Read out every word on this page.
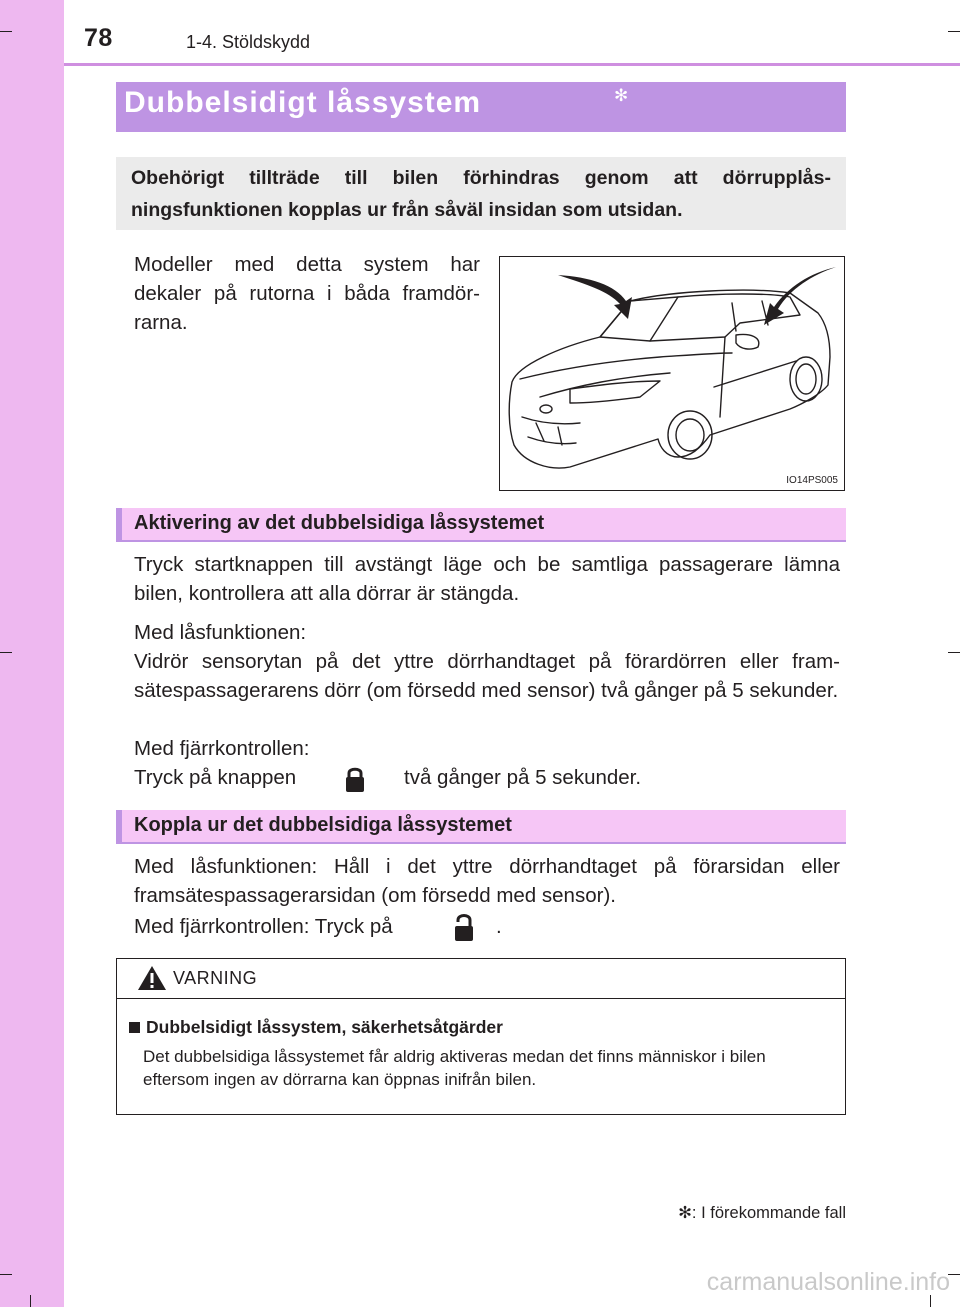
78	1-4. Stöldskydd
Dubbelsidigt låssystem	✻
Obehörigt tillträde till bilen förhindras genom att dörrupplås-ningsfunktionen kopplas ur från såväl insidan som utsidan.
Modeller med detta system har dekaler på rutorna i båda framdör-rarna.
IO14PS005
Aktivering av det dubbelsidiga låssystemet
Tryck startknappen till avstängt läge och be samtliga passagerare lämna bilen, kontrollera att alla dörrar är stängda.
Med låsfunktionen:
Vidrör sensorytan på det yttre dörrhandtaget på förardörren eller fram-sätespassagerarens dörr (om försedd med sensor) två gånger på 5 sekunder.
Med fjärrkontrollen:
Tryck på knappen	två gånger på 5 sekunder.
Koppla ur det dubbelsidiga låssystemet
Med låsfunktionen: Håll i det yttre dörrhandtaget på förarsidan eller framsätespassagerarsidan (om försedd med sensor).
Med fjärrkontrollen: Tryck på	.
VARNING
Dubbelsidigt låssystem, säkerhetsåtgärder
Det dubbelsidiga låssystemet får aldrig aktiveras medan det finns människor i bilen eftersom ingen av dörrarna kan öppnas inifrån bilen.
✻: I förekommande fall
carmanualsonline.info
